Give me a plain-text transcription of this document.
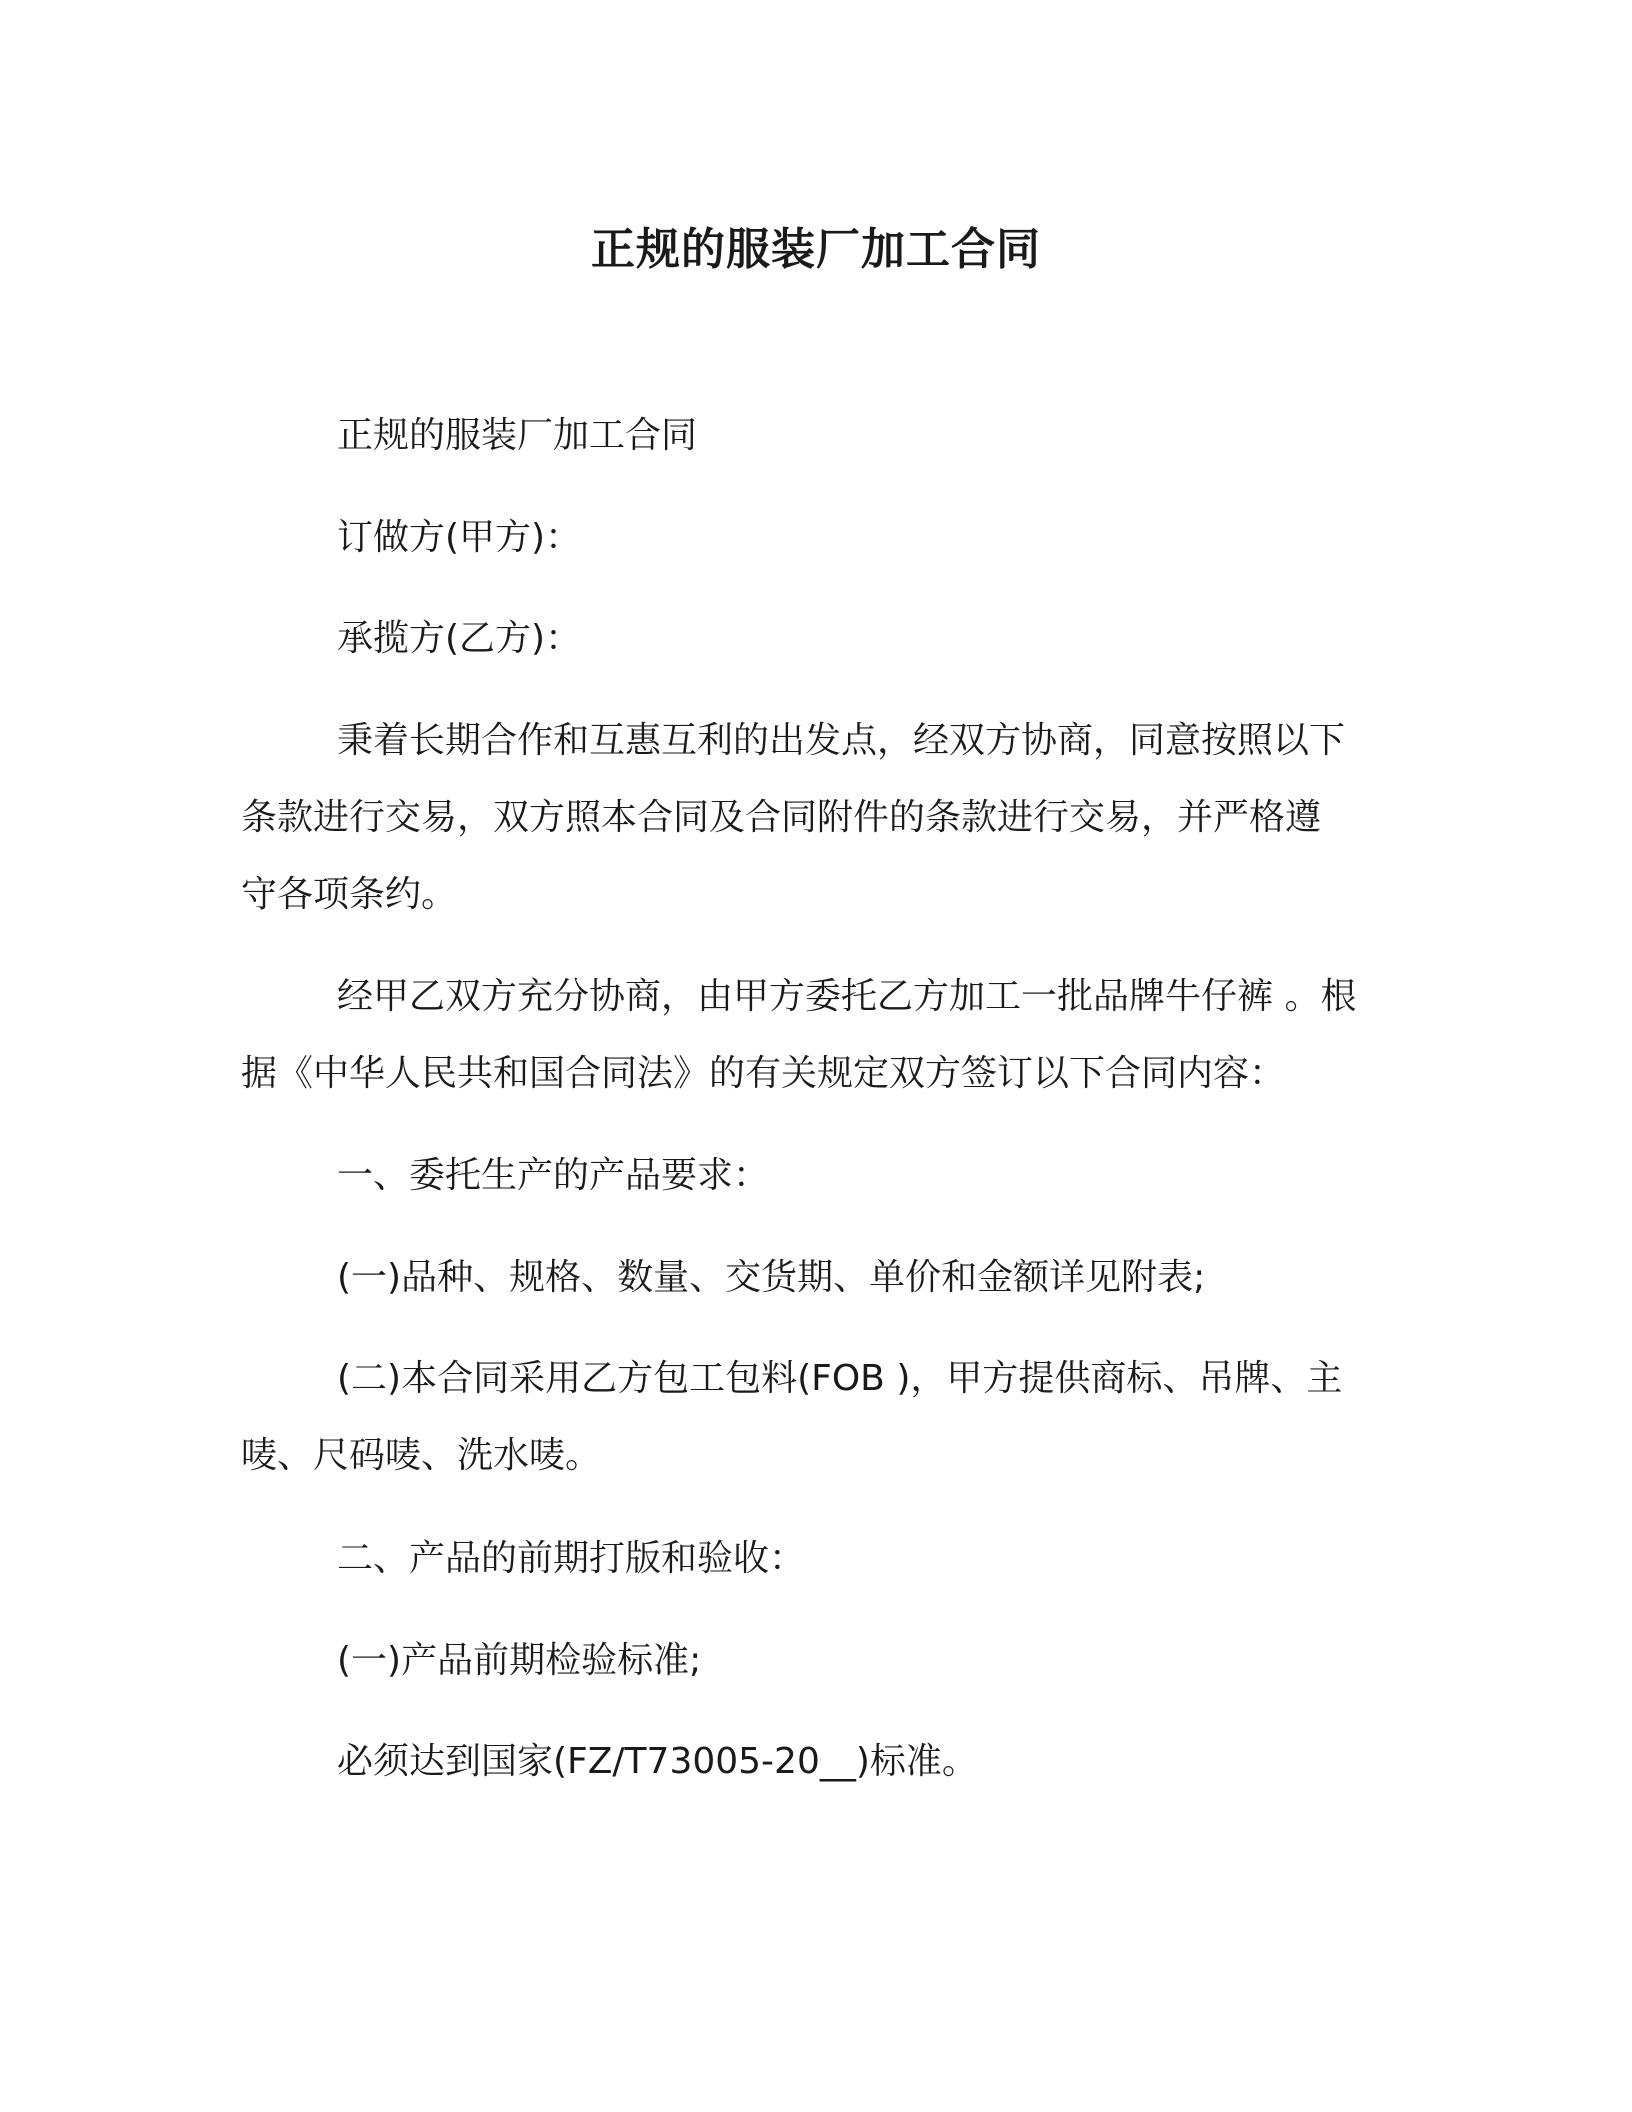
正规的服装厂加工合同

正规的服装厂加工合同

订做方(甲方)：

承揽方(乙方)：

秉着长期合作和互惠互利的出发点，经双方协商，同意按照以下
条款进行交易，双方照本合同及合同附件的条款进行交易，并严格遵
守各项条约。

经甲乙双方充分协商，由甲方委托乙方加工一批品牌牛仔裤 。根
据《中华人民共和国合同法》的有关规定双方签订以下合同内容：

一、委托生产的产品要求：

(一)品种、规格、数量、交货期、单价和金额详见附表;

(二)本合同采用乙方包工包料(FOB )，甲方提供商标、吊牌、主
唛、尺码唛、洗水唛。

二、产品的前期打版和验收：

(一)产品前期检验标准;

必须达到国家(FZ/T73005-20__)标准。
